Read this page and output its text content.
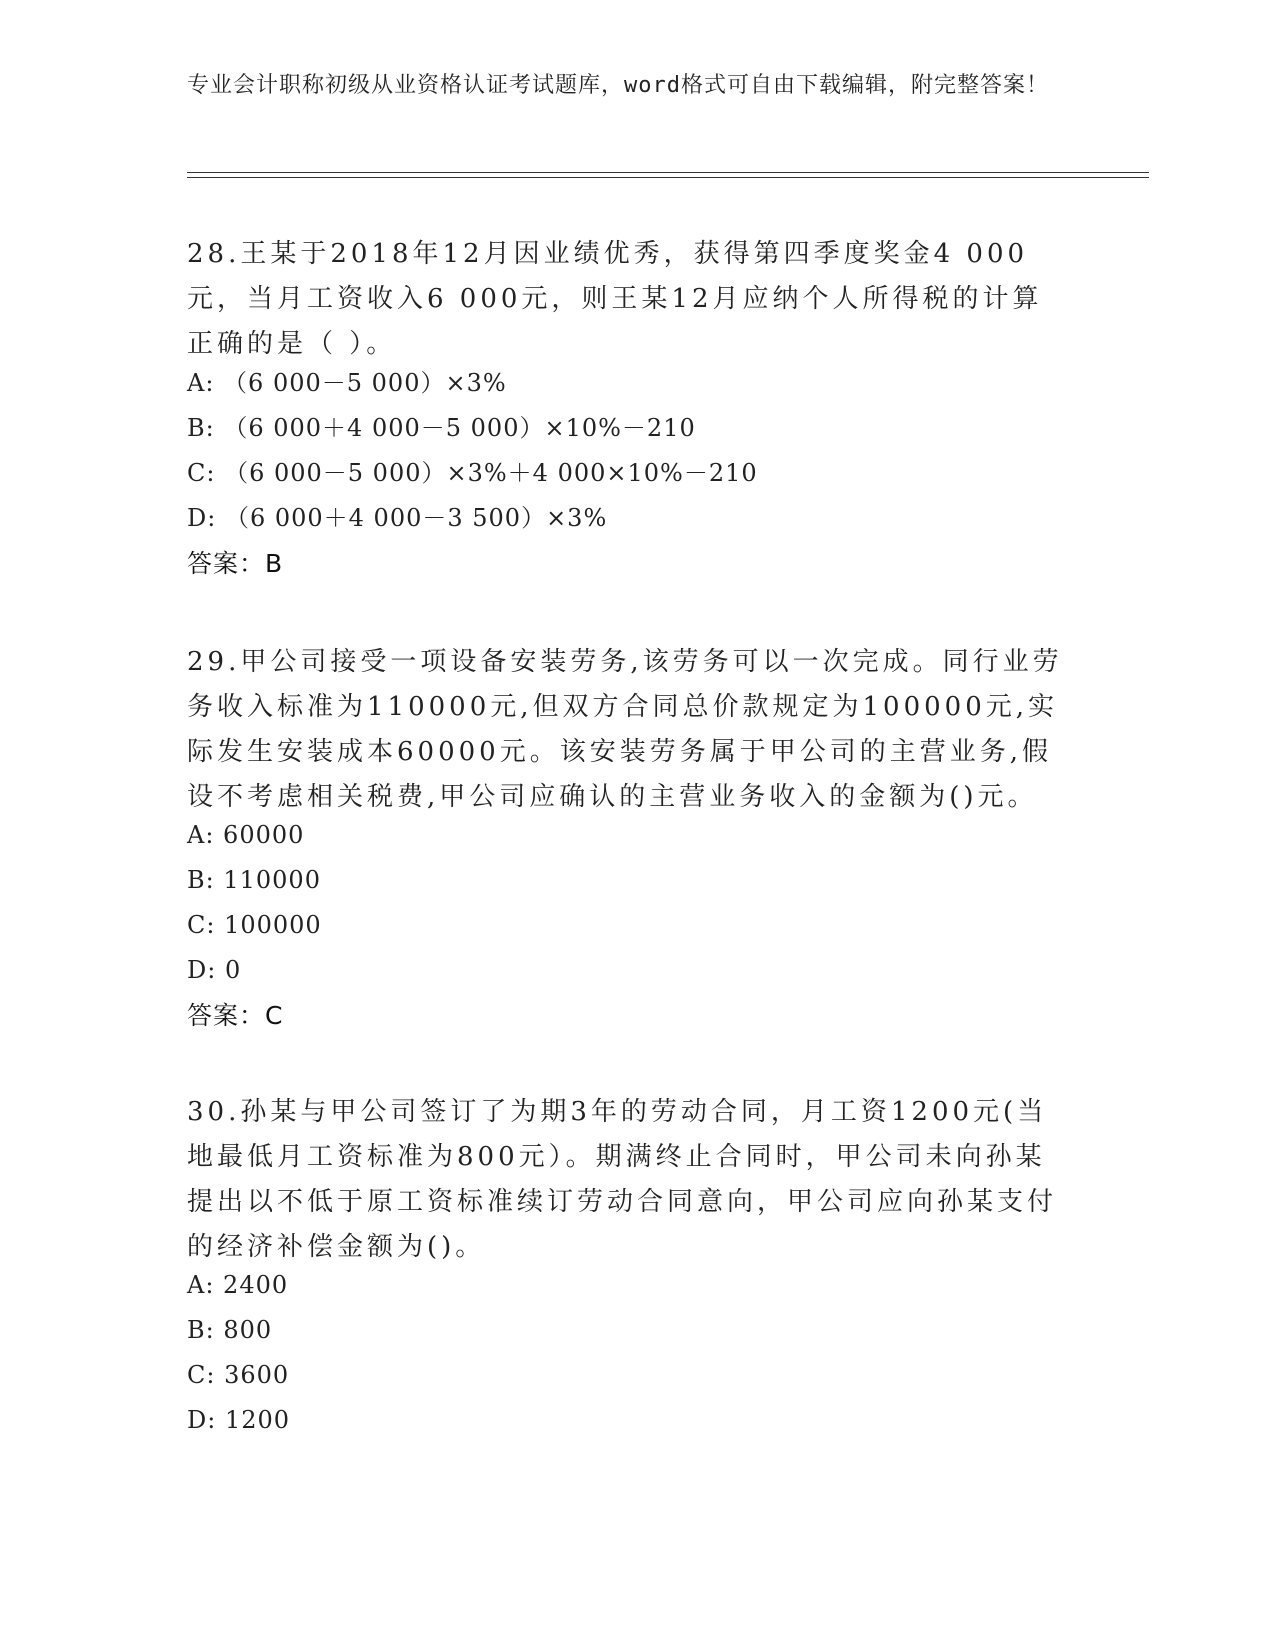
专业会计职称初级从业资格认证考试题库，word格式可自由下载编辑，附完整答案！
28.王某于2018年12月因业绩优秀，获得第四季度奖金4 000元，当月工资收入6 000元，则王某12月应纳个人所得税的计算正确的是（ ）。
A: （6 000－5 000）×3%
B: （6 000＋4 000－5 000）×10%－210
C: （6 000－5 000）×3%＋4 000×10%－210
D: （6 000＋4 000－3 500）×3%
答案：B
29.甲公司接受一项设备安装劳务,该劳务可以一次完成。同行业劳务收入标准为110000元,但双方合同总价款规定为100000元,实际发生安装成本60000元。该安装劳务属于甲公司的主营业务,假设不考虑相关税费,甲公司应确认的主营业务收入的金额为()元。
A: 60000
B: 110000
C: 100000
D: 0
答案：C
30.孙某与甲公司签订了为期3年的劳动合同，月工资1200元(当地最低月工资标准为800元）。期满终止合同时，甲公司未向孙某提出以不低于原工资标准续订劳动合同意向，甲公司应向孙某支付的经济补偿金额为()。
A: 2400
B: 800
C: 3600
D: 1200
